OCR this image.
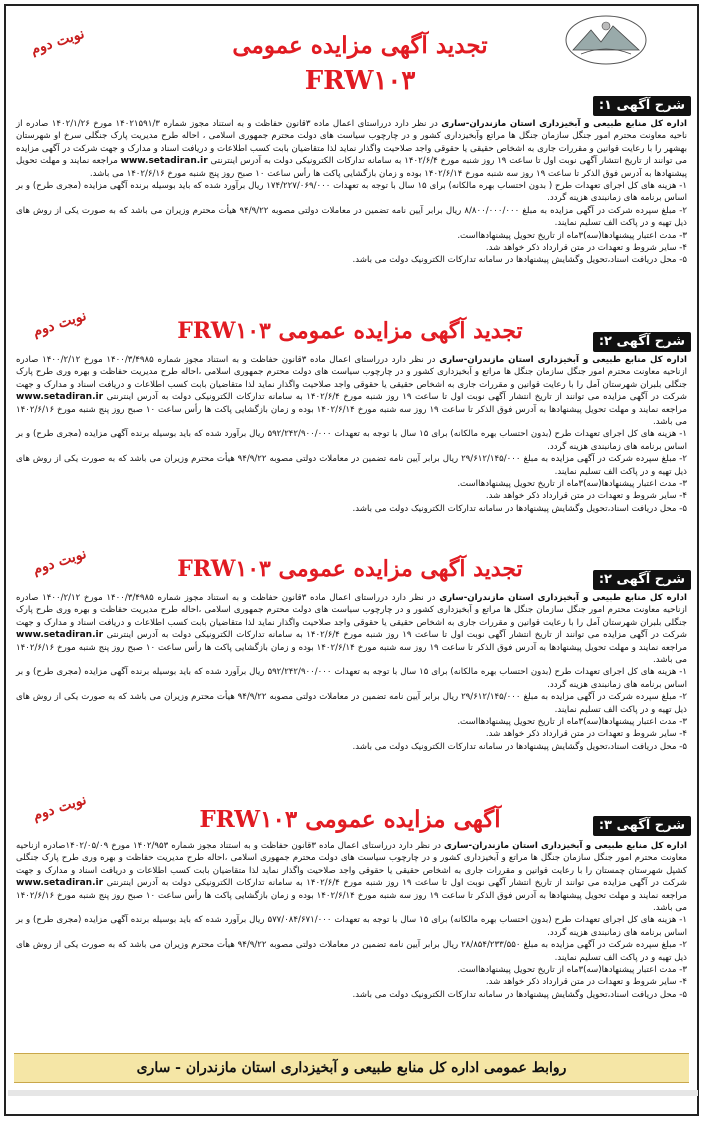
نوبت دوم	تجدید آگهی مزایده عمومی
FRW۱۰۳
شرح آگهی ۱:

اداره کل منابع طبیعی و آبخیزداری استان مازندران-ساری در نظر دارد درراستای اعمال ماده ۳قانون حفاظت و به استناد مجوز شماره ۱۴۰۲۱۵۹۱/۳ مورخ ۱۴۰۲/۱/۲۶ صادره از ناحیه معاونت محترم امور جنگل سازمان جنگل ها مراتع وآبخیزداری کشور و در چارچوب سیاست های دولت محترم جمهوری اسلامی ، احاله طرح مدیریت پارک جنگلی سرخ او شهرستان بهشهر را با رعایت قوانین و مقررات جاری به اشخاص حقیقی یا حقوقی واجد صلاحیت واگذار نماید لذا متقاضیان بابت کسب اطلاعات و دریافت اسناد و مدارک و جهت شرکت در آگهی مزایده می توانند از تاریخ انتشار آگهی نوبت اول تا ساعت ۱۹ روز شنبه مورخ ۱۴۰۲/۶/۴ به سامانه تدارکات الکترونیکی دولت به آدرس اینترنتی www.setadiran.ir مراجعه نمایند و مهلت تحویل پیشنهادها به آدرس فوق الذکر تا ساعت ۱۹ روز سه شنبه مورخ ۱۴۰۲/۶/۱۴ بوده و زمان بازگشایی پاکت ها رأس ساعت ۱۰ صبح روز پنج شنبه مورخ ۱۴۰۲/۶/۱۶ می باشد.

۱- هزینه های کل اجرای تعهدات طرح ( بدون احتساب بهره مالکانه) برای ۱۵ سال با توجه به تعهدات ۱۷۴/۲۲۷/۰۶۹/۰۰۰ ریال برآورد شده که باید بوسیله برنده آگهی مزایده (مجری طرح) و بر اساس برنامه های زمانبندی هزینه گردد.
۲- مبلغ سپرده شرکت در آگهی مزایده به مبلغ ۸/۸۰۰/۰۰۰/۰۰۰ ریال برابر آیین نامه تضمین در معاملات دولتی مصوبه ۹۴/۹/۲۲ هیأت محترم وزیران می باشد که به صورت یکی از روش های ذیل تهیه و در پاکت الف تسلیم نمایند.
۳- مدت اعتبار پیشنهادها(سه)۳ماه از تاریخ تحویل پیشنهادهااست.
۴- سایر شروط و تعهدات در متن قرارداد ذکر خواهد شد.
۵- محل دریافت اسناد،تحویل وگشایش پیشنهادها در سامانه تدارکات الکترونیک دولت می باشد.
نوبت دوم	تجدید آگهی مزایده عمومی FRW۱۰۳	شرح آگهی ۲:

اداره کل منابع طبیعی و آبخیزداری استان مازندران-ساری در نظر دارد درراستای اعمال ماده ۳قانون حفاظت و به استناد مجوز شماره ۱۴۰۰/۳/۴۹۸۵ مورخ ۱۴۰۰/۲/۱۲ صادره ازناحیه معاونت محترم امور جنگل سازمان جنگل ها مراتع و آبخیزداری کشور و در چارچوب سیاست های دولت محترم جمهوری اسلامی ،احاله طرح مدیریت حفاظت و بهره وری طرح پارک جنگلی بلبران شهرستان آمل را با رعایت قوانین و مقررات جاری به اشخاص حقیقی یا حقوقی واجد صلاحیت واگذار نماید لذا متقاضیان بابت کسب اطلاعات و دریافت اسناد و مدارک و جهت شرکت در آگهی مزایده می توانند از تاریخ انتشار آگهی نوبت اول تا ساعت ۱۹ روز شنبه مورخ ۱۴۰۲/۶/۴ به سامانه تدارکات الکترونیکی دولت به آدرس اینترنتی www.setadiran.ir مراجعه نمایند و مهلت تحویل پیشنهادها به آدرس فوق الذکر تا ساعت ۱۹ روز سه شنبه مورخ ۱۴۰۲/۶/۱۴ بوده و زمان بازگشایی پاکت ها رأس ساعت ۱۰ صبح روز پنج شنبه مورخ ۱۴۰۲/۶/۱۶ می باشد.

۱- هزینه های کل اجرای تعهدات طرح (بدون احتساب بهره مالکانه) برای ۱۵ سال با توجه به تعهدات ۵۹۲/۲۴۲/۹۰۰/۰۰۰ ریال برآورد شده که باید بوسیله برنده آگهی مزایده (مجری طرح) و بر اساس برنامه های زمانبندی هزینه گردد.
۲- مبلغ سپرده شرکت در آگهی مزایده به مبلغ ۲۹/۶۱۲/۱۴۵/۰۰۰ ریال برابر آیین نامه تضمین در معاملات دولتی مصوبه ۹۴/۹/۲۲ هیأت محترم وزیران می باشد که به صورت یکی از روش های ذیل تهیه و در پاکت الف تسلیم نمایند.
۳- مدت اعتبار پیشنهادها(سه)۳ماه از تاریخ تحویل پیشنهادهااست.
۴- سایر شروط و تعهدات در متن قرارداد ذکر خواهد شد.
۵- محل دریافت اسناد،تحویل وگشایش پیشنهادها در سامانه تدارکات الکترونیک دولت می باشد.
نوبت دوم	تجدید آگهی مزایده عمومی FRW۱۰۳	شرح آگهی ۲:

اداره کل منابع طبیعی و آبخیزداری استان مازندران-ساری در نظر دارد درراستای اعمال ماده ۳قانون حفاظت و به استناد مجوز شماره ۱۴۰۰/۳/۴۹۸۵ مورخ ۱۴۰۰/۲/۱۲ صادره ازناحیه معاونت محترم امور جنگل سازمان جنگل ها مراتع و آبخیزداری کشور و در چارچوب سیاست های دولت محترم جمهوری اسلامی ،احاله طرح مدیریت حفاظت و بهره وری طرح پارک جنگلی بلبران شهرستان آمل را با رعایت قوانین و مقررات جاری به اشخاص حقیقی یا حقوقی واجد صلاحیت واگذار نماید لذا متقاضیان بابت کسب اطلاعات و دریافت اسناد و مدارک و جهت شرکت در آگهی مزایده می توانند از تاریخ انتشار آگهی نوبت اول تا ساعت ۱۹ روز شنبه مورخ ۱۴۰۲/۶/۴ به سامانه تدارکات الکترونیکی دولت به آدرس اینترنتی www.setadiran.ir مراجعه نمایند و مهلت تحویل پیشنهادها به آدرس فوق الذکر تا ساعت ۱۹ روز سه شنبه مورخ ۱۴۰۲/۶/۱۴ بوده و زمان بازگشایی پاکت ها رأس ساعت ۱۰ صبح روز پنج شنبه مورخ ۱۴۰۲/۶/۱۶ می باشد.

۱- هزینه های کل اجرای تعهدات طرح (بدون احتساب بهره مالکانه) برای ۱۵ سال با توجه به تعهدات ۵۹۲/۲۴۲/۹۰۰/۰۰۰ ریال برآورد شده که باید بوسیله برنده آگهی مزایده (مجری طرح) و بر اساس برنامه های زمانبندی هزینه گردد.
۲- مبلغ سپرده شرکت در آگهی مزایده به مبلغ ۲۹/۶۱۲/۱۴۵/۰۰۰ ریال برابر آیین نامه تضمین در معاملات دولتی مصوبه ۹۴/۹/۲۲ هیأت محترم وزیران می باشد که به صورت یکی از روش های ذیل تهیه و در پاکت الف تسلیم نمایند.
۳- مدت اعتبار پیشنهادها(سه)۳ماه از تاریخ تحویل پیشنهادهااست.
۴- سایر شروط و تعهدات در متن قرارداد ذکر خواهد شد.
۵- محل دریافت اسناد،تحویل وگشایش پیشنهادها در سامانه تدارکات الکترونیک دولت می باشد.
نوبت دوم	آگهی مزایده عمومی FRW۱۰۳	شرح آگهی ۳:

اداره کل منابع طبیعی و آبخیزداری استان مازندران-ساری در نظر دارد درراستای اعمال ماده ۳قانون حفاظت و به استناد مجوز شماره ۱۴۰۲/۹۵۳ مورخ ۱۴۰۲/۰۵/۰۹صادره ازناحیه معاونت محترم امور جنگل سازمان جنگل ها مراتع و آبخیزداری کشور و در چارچوب سیاست های دولت محترم جمهوری اسلامی ،احاله طرح مدیریت حفاظت و بهره وری طرح پارک جنگلی کشپل شهرستان چمستان را با رعایت قوانین و مقررات جاری به اشخاص حقیقی یا حقوقی واجد صلاحیت واگذار نماید لذا متقاضیان بابت کسب اطلاعات و دریافت اسناد و مدارک و جهت شرکت در آگهی مزایده می توانند از تاریخ انتشار آگهی نوبت اول تا ساعت ۱۹ روز شنبه مورخ ۱۴۰۲/۶/۴ به سامانه تدارکات الکترونیکی دولت به آدرس اینترنتی www.setadiran.ir مراجعه نمایند و مهلت تحویل پیشنهادها به آدرس فوق الذکر تا ساعت ۱۹ روز سه شنبه مورخ ۱۴۰۲/۶/۱۴ بوده و زمان بازگشایی پاکت ها رأس ساعت ۱۰ صبح روز پنج شنبه مورخ ۱۴۰۲/۶/۱۶ می باشد.

۱- هزینه های کل اجرای تعهدات طرح (بدون احتساب بهره مالکانه) برای ۱۵ سال با توجه به تعهدات ۵۷۷/۰۸۴/۶۷۱/۰۰۰ ریال برآورد شده که باید بوسیله برنده آگهی مزایده (مجری طرح) و بر اساس برنامه های زمانبندی هزینه گردد.
۲- مبلغ سپرده شرکت در آگهی مزایده به مبلغ ۲۸/۸۵۴/۲۳۳/۵۵۰ ریال برابر آیین نامه تضمین در معاملات دولتی مصوبه ۹۴/۹/۲۲ هیأت محترم وزیران می باشد که به صورت یکی از روش های ذیل تهیه و در پاکت الف تسلیم نمایند.
۳- مدت اعتبار پیشنهادها(سه)۳ماه از تاریخ تحویل پیشنهادهااست.
۴- سایر شروط و تعهدات در متن قرارداد ذکر خواهد شد.
۵- محل دریافت اسناد،تحویل وگشایش پیشنهادها در سامانه تدارکات الکترونیک دولت می باشد.
روابط عمومی اداره کل منابع طبیعی و آبخیزداری استان مازندران - ساری
